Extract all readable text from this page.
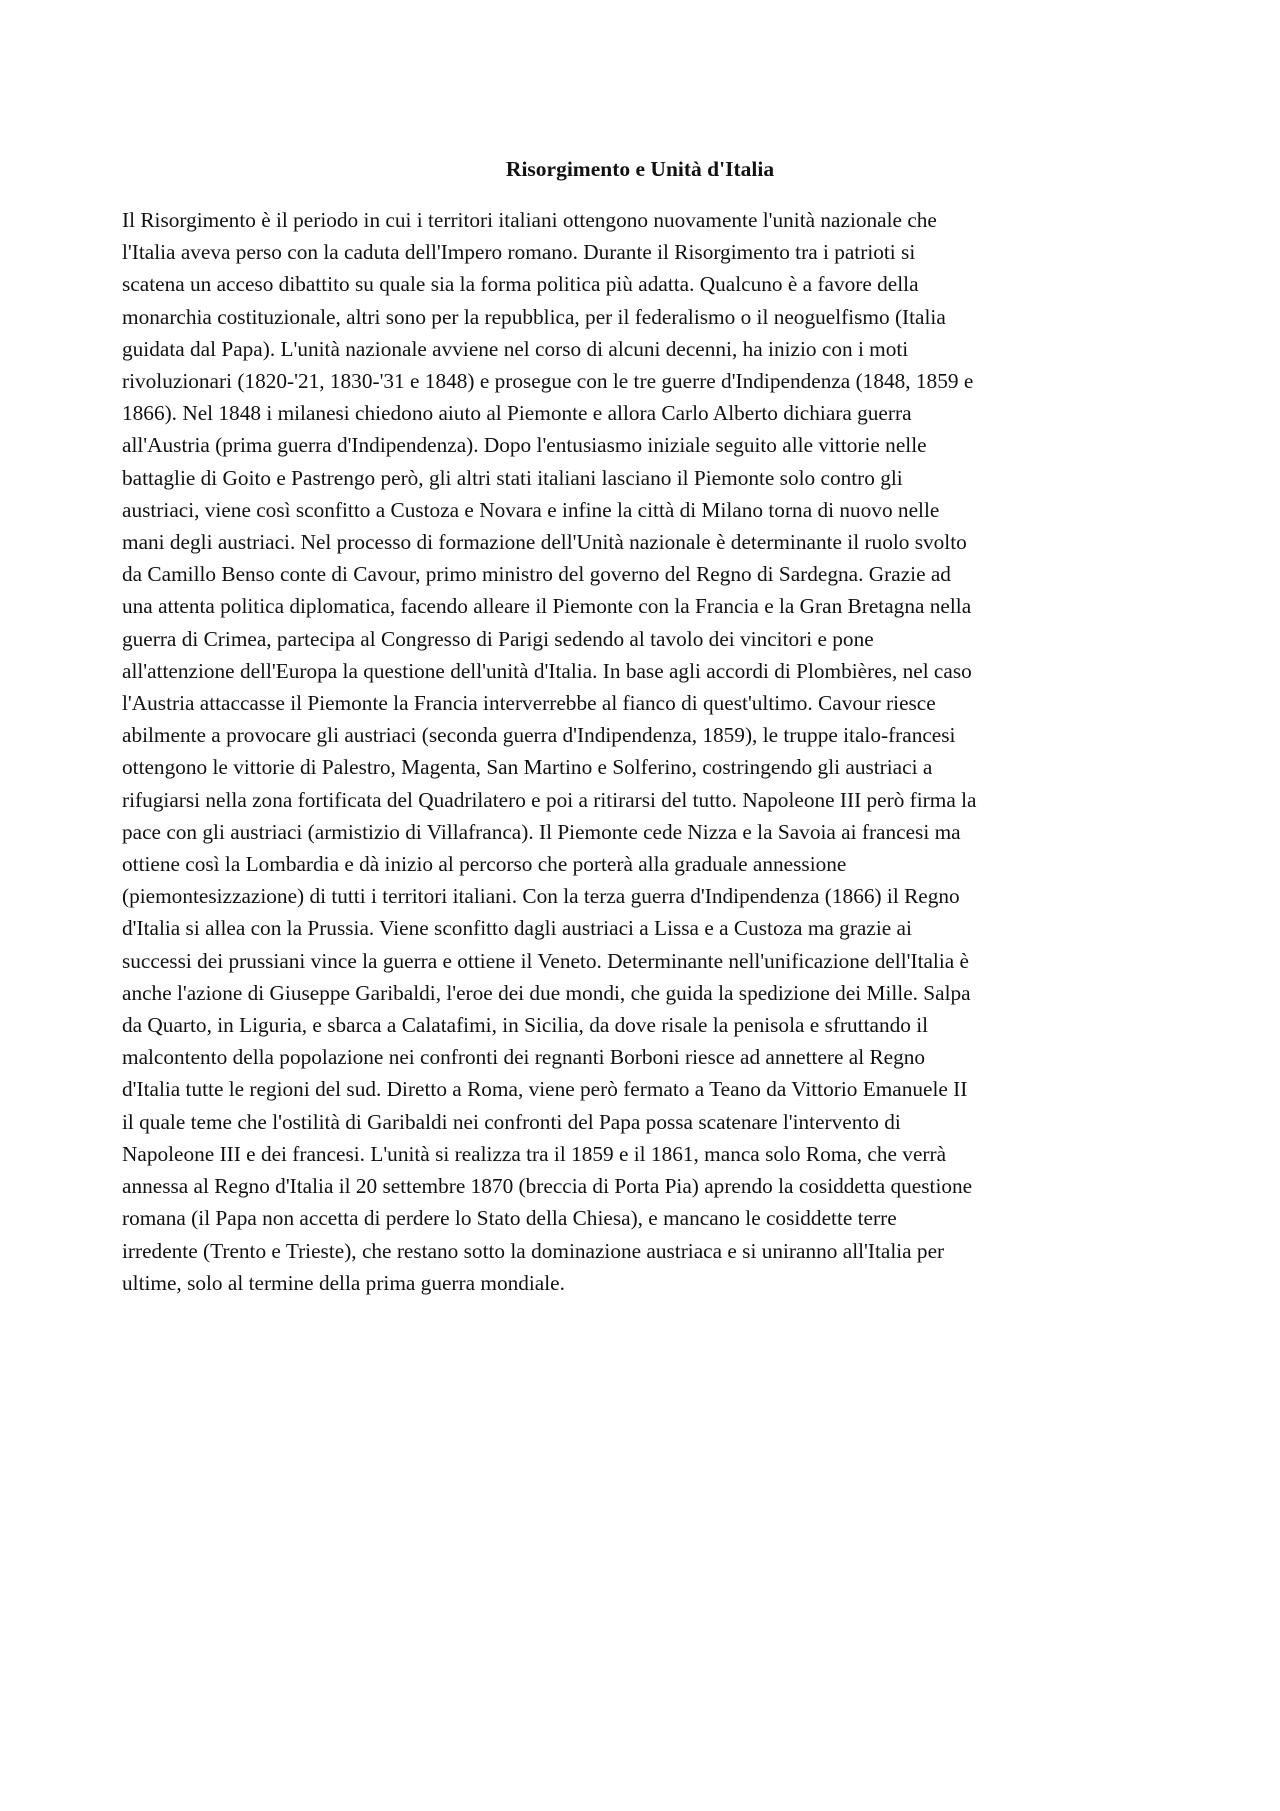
Risorgimento e Unità d'Italia
Il Risorgimento è il periodo in cui i territori italiani ottengono nuovamente l'unità nazionale che
l'Italia aveva perso con la caduta dell'Impero romano. Durante il Risorgimento tra i patrioti si
scatena un acceso dibattito su quale sia la forma politica più adatta. Qualcuno è a favore della
monarchia costituzionale, altri sono per la repubblica, per il federalismo o il neoguelfismo (Italia
guidata dal Papa). L'unità nazionale avviene nel corso di alcuni decenni, ha inizio con i moti
rivoluzionari (1820-'21, 1830-'31 e 1848) e prosegue con le tre guerre d'Indipendenza (1848, 1859 e
1866). Nel 1848 i milanesi chiedono aiuto al Piemonte e allora Carlo Alberto dichiara guerra
all'Austria (prima guerra d'Indipendenza). Dopo l'entusiasmo iniziale seguito alle vittorie nelle
battaglie di Goito e Pastrengo però, gli altri stati italiani lasciano il Piemonte solo contro gli
austriaci, viene così sconfitto a Custoza e Novara e infine la città di Milano torna di nuovo nelle
mani degli austriaci. Nel processo di formazione dell'Unità nazionale è determinante il ruolo svolto
da Camillo Benso conte di Cavour, primo ministro del governo del Regno di Sardegna. Grazie ad
una attenta politica diplomatica, facendo alleare il Piemonte con la Francia e la Gran Bretagna nella
guerra di Crimea, partecipa al Congresso di Parigi sedendo al tavolo dei vincitori e pone
all'attenzione dell'Europa la questione dell'unità d'Italia. In base agli accordi di Plombières, nel caso
l'Austria attaccasse il Piemonte la Francia interverrebbe al fianco di quest'ultimo. Cavour riesce
abilmente a provocare gli austriaci (seconda guerra d'Indipendenza, 1859), le truppe italo-francesi
ottengono le vittorie di Palestro, Magenta, San Martino e Solferino, costringendo gli austriaci a
rifugiarsi nella zona fortificata del Quadrilatero e poi a ritirarsi del tutto. Napoleone III però firma la
pace con gli austriaci (armistizio di Villafranca). Il Piemonte cede Nizza e la Savoia ai francesi ma
ottiene così la Lombardia e dà inizio al percorso che porterà alla graduale annessione
(piemontesizzazione) di tutti i territori italiani. Con la terza guerra d'Indipendenza (1866) il Regno
d'Italia si allea con la Prussia. Viene sconfitto dagli austriaci a Lissa e a Custoza ma grazie ai
successi dei prussiani vince la guerra e ottiene il Veneto. Determinante nell'unificazione dell'Italia è
anche l'azione di Giuseppe Garibaldi, l'eroe dei due mondi, che guida la spedizione dei Mille. Salpa
da Quarto, in Liguria, e sbarca a Calatafimi, in Sicilia, da dove risale la penisola e sfruttando il
malcontento della popolazione nei confronti dei regnanti Borboni riesce ad annettere al Regno
d'Italia tutte le regioni del sud. Diretto a Roma, viene però fermato a Teano da Vittorio Emanuele II
il quale teme che l'ostilità di Garibaldi nei confronti del Papa possa scatenare l'intervento di
Napoleone III e dei francesi. L'unità si realizza tra il 1859 e il 1861, manca solo Roma, che verrà
annessa al Regno d'Italia il 20 settembre 1870 (breccia di Porta Pia) aprendo la cosiddetta questione
romana (il Papa non accetta di perdere lo Stato della Chiesa), e mancano le cosiddette terre
irredente (Trento e Trieste), che restano sotto la dominazione austriaca e si uniranno all'Italia per
ultime, solo al termine della prima guerra mondiale.
